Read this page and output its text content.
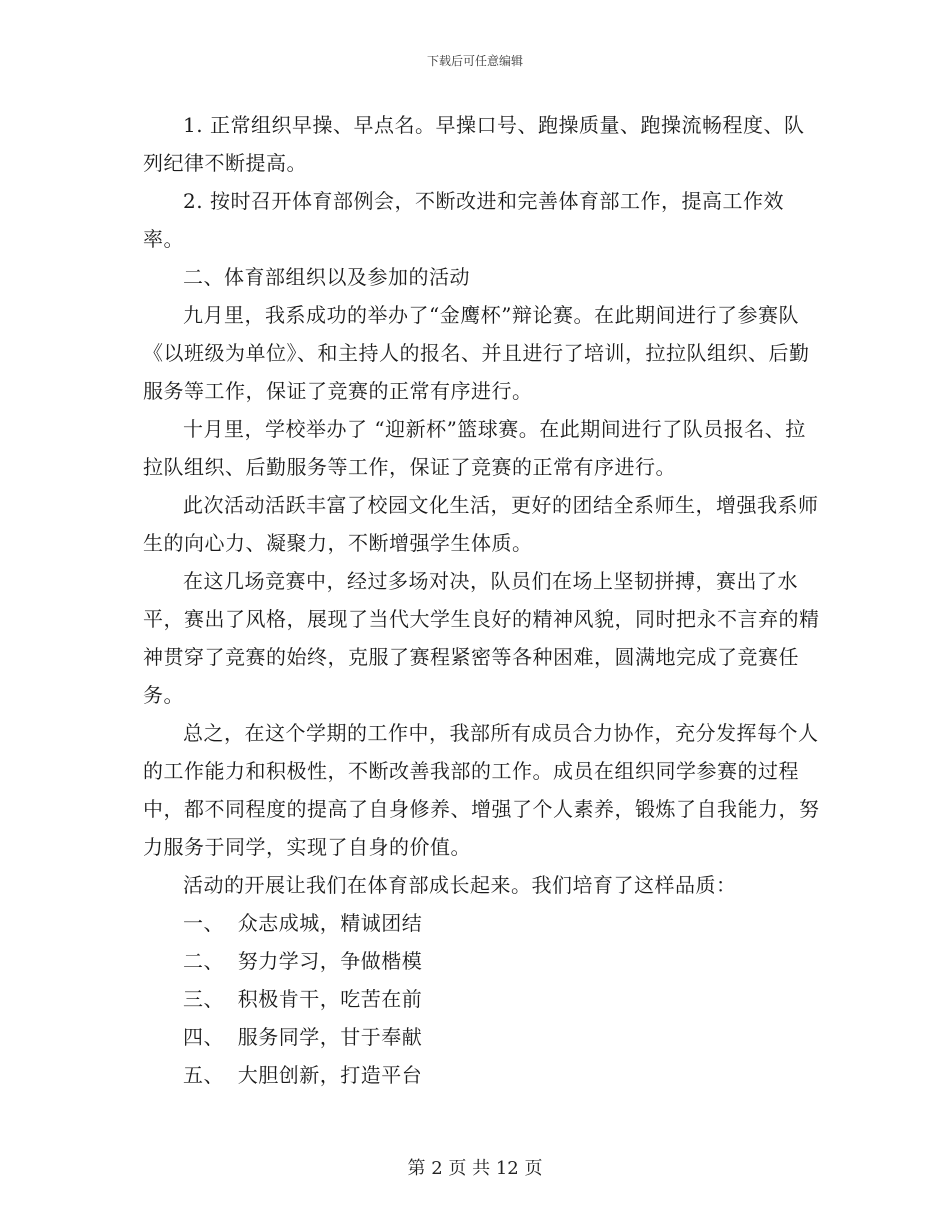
下载后可任意编辑

1. 正常组织早操、早点名。早操口号、跑操质量、跑操流畅程度、队列纪律不断提高。

2. 按时召开体育部例会，不断改进和完善体育部工作，提高工作效率。

二、体育部组织以及参加的活动

九月里，我系成功的举办了“金鹰杯”辩论赛。在此期间进行了参赛队《以班级为单位》、和主持人的报名、并且进行了培训，拉拉队组织、后勤服务等工作，保证了竞赛的正常有序进行。

十月里，学校举办了 “迎新杯”篮球赛。在此期间进行了队员报名、拉拉队组织、后勤服务等工作，保证了竞赛的正常有序进行。

此次活动活跃丰富了校园文化生活，更好的团结全系师生，增强我系师生的向心力、凝聚力，不断增强学生体质。

在这几场竞赛中，经过多场对决，队员们在场上坚韧拼搏，赛出了水平，赛出了风格，展现了当代大学生良好的精神风貌，同时把永不言弃的精神贯穿了竞赛的始终，克服了赛程紧密等各种困难，圆满地完成了竞赛任务。

总之，在这个学期的工作中，我部所有成员合力协作，充分发挥每个人的工作能力和积极性，不断改善我部的工作。成员在组织同学参赛的过程中，都不同程度的提高了自身修养、增强了个人素养，锻炼了自我能力，努力服务于同学，实现了自身的价值。

活动的开展让我们在体育部成长起来。我们培育了这样品质：

一、  众志成城，精诚团结

二、  努力学习，争做楷模

三、  积极肯干，吃苦在前

四、  服务同学，甘于奉献

五、  大胆创新，打造平台

第 2 页 共 12 页
